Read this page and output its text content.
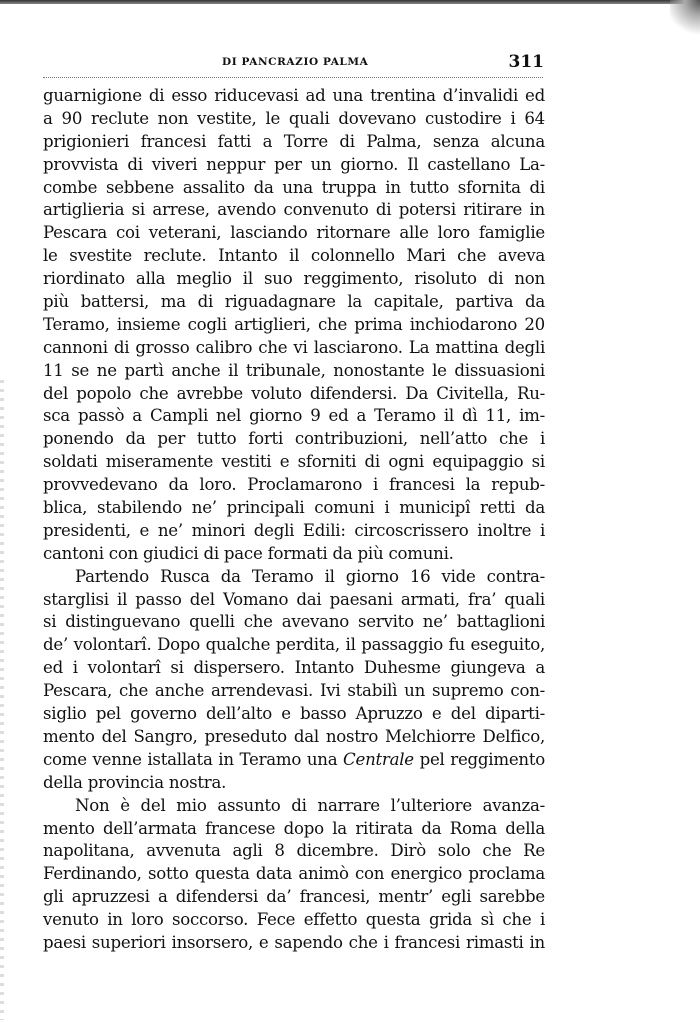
DI PANCRAZIO PALMA	311
guarnigione di esso riducevasi ad una trentina d’invalidi ed
a 90 reclute non vestite, le quali dovevano custodire i 64
prigionieri francesi fatti a Torre di Palma, senza alcuna
provvista di viveri neppur per un giorno. Il castellano La-
combe sebbene assalito da una truppa in tutto sfornita di
artiglieria si arrese, avendo convenuto di potersi ritirare in
Pescara coi veterani, lasciando ritornare alle loro famiglie
le svestite reclute. Intanto il colonnello Mari che aveva
riordinato alla meglio il suo reggimento, risoluto di non
più battersi, ma di riguadagnare la capitale, partiva da
Teramo, insieme cogli artiglieri, che prima inchiodarono 20
cannoni di grosso calibro che vi lasciarono. La mattina degli
11 se ne partì anche il tribunale, nonostante le dissuasioni
del popolo che avrebbe voluto difendersi. Da Civitella, Ru-
sca passò a Campli nel giorno 9 ed a Teramo il dì 11, im-
ponendo da per tutto forti contribuzioni, nell’atto che i
soldati miseramente vestiti e sforniti di ogni equipaggio si
provvedevano da loro. Proclamarono i francesi la repub-
blica, stabilendo ne’ principali comuni i municipî retti da
presidenti, e ne’ minori degli Edili: circoscrissero inoltre i
cantoni con giudici di pace formati da più comuni.
Partendo Rusca da Teramo il giorno 16 vide contra-
starglisi il passo del Vomano dai paesani armati, fra’ quali
si distinguevano quelli che avevano servito ne’ battaglioni
de’ volontarî. Dopo qualche perdita, il passaggio fu eseguito,
ed i volontarî si dispersero. Intanto Duhesme giungeva a
Pescara, che anche arrendevasi. Ivi stabilì un supremo con-
siglio pel governo dell’alto e basso Apruzzo e del diparti-
mento del Sangro, preseduto dal nostro Melchiorre Delfico,
come venne istallata in Teramo una Centrale pel reggimento
della provincia nostra.
Non è del mio assunto di narrare l’ulteriore avanza-
mento dell’armata francese dopo la ritirata da Roma della
napolitana, avvenuta agli 8 dicembre. Dirò solo che Re
Ferdinando, sotto questa data animò con energico proclama
gli apruzzesi a difendersi da’ francesi, mentr’ egli sarebbe
venuto in loro soccorso. Fece effetto questa grida sì che i
paesi superiori insorsero, e sapendo che i francesi rimasti in
